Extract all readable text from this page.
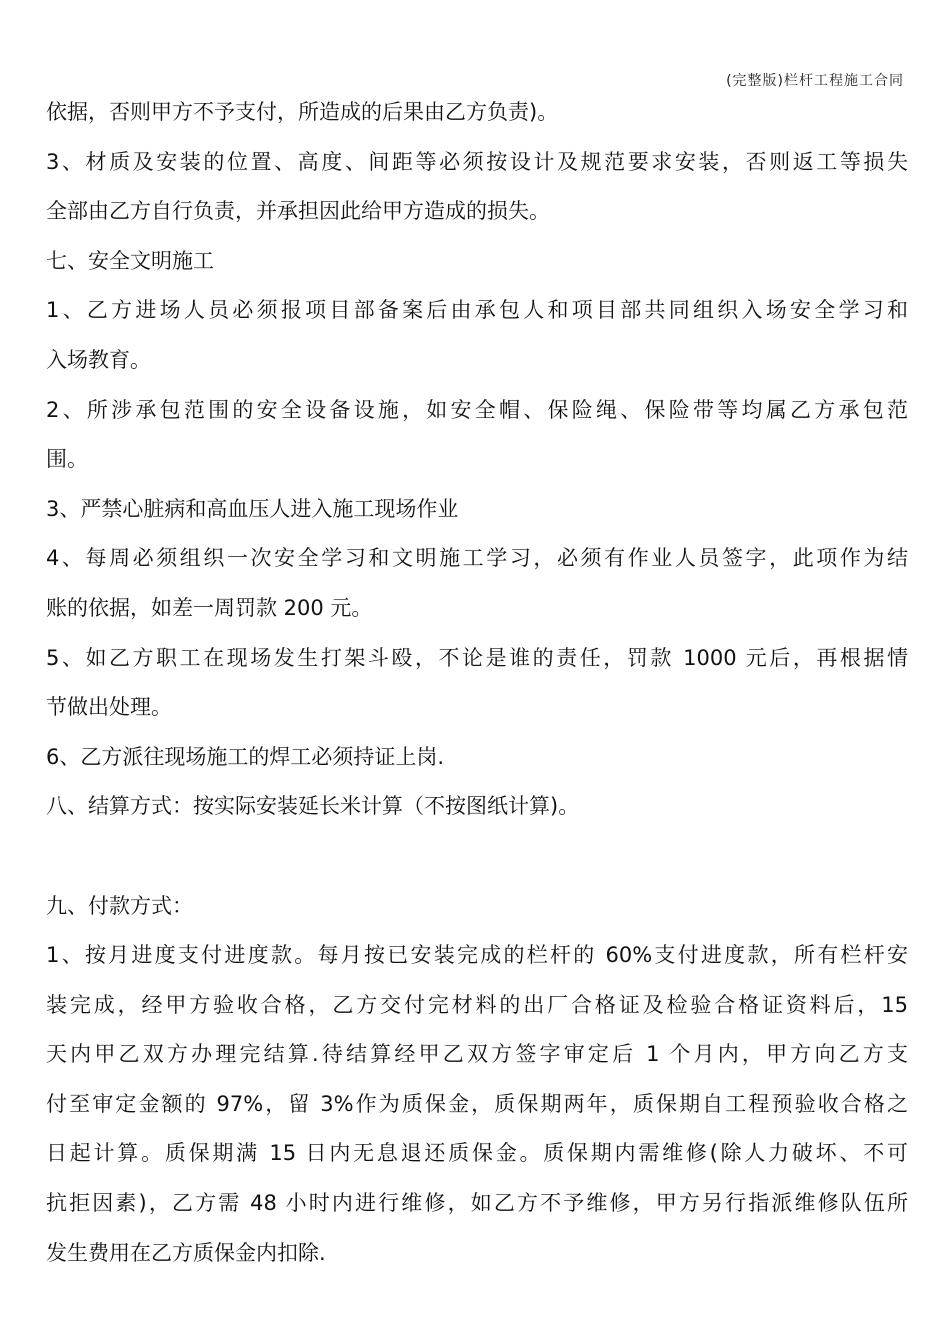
(完整版)栏杆工程施工合同
依据，否则甲方不予支付，所造成的后果由乙方负责)。
3、材质及安装的位置、高度、间距等必须按设计及规范要求安装，否则返工等损失
全部由乙方自行负责，并承担因此给甲方造成的损失。
七、安全文明施工
1、乙方进场人员必须报项目部备案后由承包人和项目部共同组织入场安全学习和
入场教育。
2、所涉承包范围的安全设备设施，如安全帽、保险绳、保险带等均属乙方承包范
围。
3、严禁心脏病和高血压人进入施工现场作业
4、每周必须组织一次安全学习和文明施工学习，必须有作业人员签字，此项作为结
账的依据，如差一周罚款 200 元。
5、如乙方职工在现场发生打架斗殴，不论是谁的责任，罚款 1000 元后，再根据情
节做出处理。
6、乙方派往现场施工的焊工必须持证上岗.
八、结算方式：按实际安装延长米计算（不按图纸计算)。
九、付款方式：
1、按月进度支付进度款。每月按已安装完成的栏杆的 60%支付进度款，所有栏杆安
装完成，经甲方验收合格，乙方交付完材料的出厂合格证及检验合格证资料后，15
天内甲乙双方办理完结算.待结算经甲乙双方签字审定后 1 个月内，甲方向乙方支
付至审定金额的 97%，留 3%作为质保金，质保期两年，质保期自工程预验收合格之
日起计算。质保期满 15 日内无息退还质保金。质保期内需维修(除人力破坏、不可
抗拒因素)，乙方需 48 小时内进行维修，如乙方不予维修，甲方另行指派维修队伍所
发生费用在乙方质保金内扣除.
